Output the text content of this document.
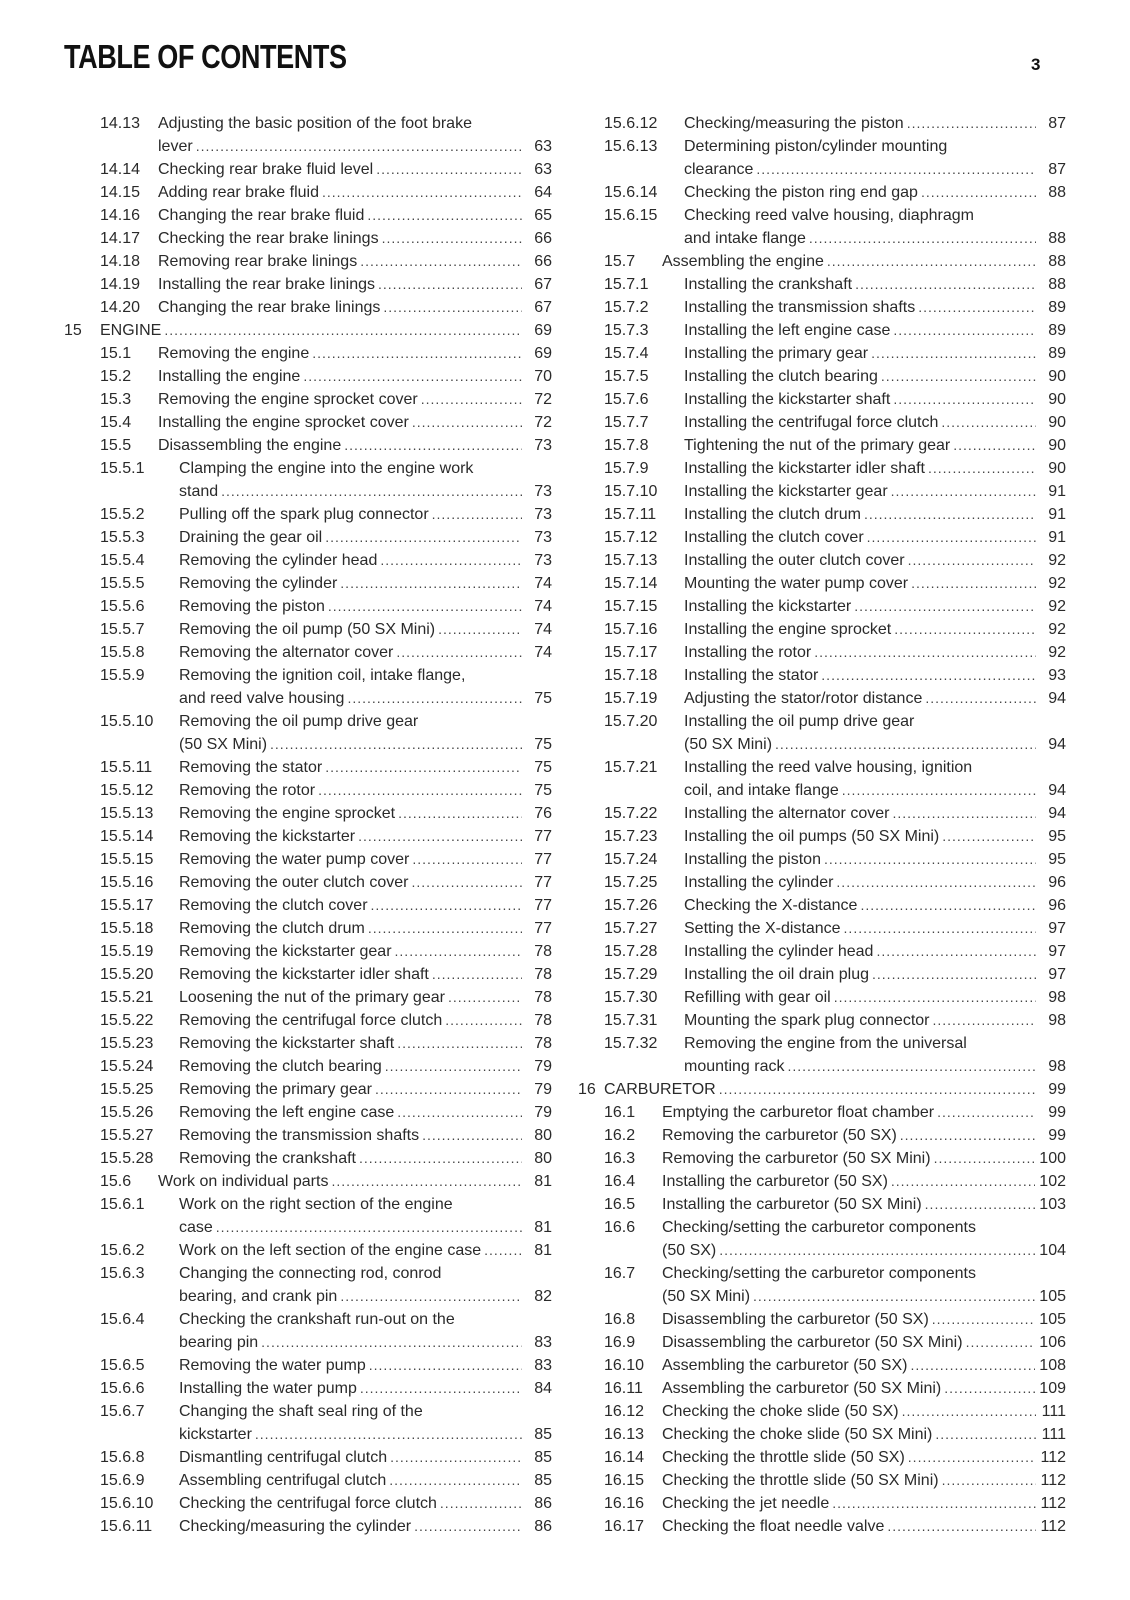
TABLE OF CONTENTS	3
14.13 Adjusting the basic position of the foot brake
lever .....	63
14.14 Checking rear brake fluid level .....	63
14.15 Adding rear brake fluid .....	64
14.16 Changing the rear brake fluid .....	65
14.17 Checking the rear brake linings .....	66
14.18 Removing rear brake linings .....	66
14.19 Installing the rear brake linings .....	67
14.20 Changing the rear brake linings .....	67
15 ENGINE .....	69
15.1 Removing the engine .....	69
15.2 Installing the engine .....	70
15.3 Removing the engine sprocket cover .....	72
15.4 Installing the engine sprocket cover .....	72
15.5 Disassembling the engine .....	73
15.5.1 Clamping the engine into the engine work
stand .....	73
15.5.2 Pulling off the spark plug connector .....	73
15.5.3 Draining the gear oil .....	73
15.5.4 Removing the cylinder head .....	73
15.5.5 Removing the cylinder .....	74
15.5.6 Removing the piston .....	74
15.5.7 Removing the oil pump (50 SX Mini) .....	74
15.5.8 Removing the alternator cover .....	74
15.5.9 Removing the ignition coil, intake flange,
and reed valve housing .....	75
15.5.10 Removing the oil pump drive gear
(50 SX Mini) .....	75
15.5.11 Removing the stator .....	75
15.5.12 Removing the rotor .....	75
15.5.13 Removing the engine sprocket .....	76
15.5.14 Removing the kickstarter .....	77
15.5.15 Removing the water pump cover .....	77
15.5.16 Removing the outer clutch cover .....	77
15.5.17 Removing the clutch cover .....	77
15.5.18 Removing the clutch drum .....	77
15.5.19 Removing the kickstarter gear .....	78
15.5.20 Removing the kickstarter idler shaft .....	78
15.5.21 Loosening the nut of the primary gear .....	78
15.5.22 Removing the centrifugal force clutch .....	78
15.5.23 Removing the kickstarter shaft .....	78
15.5.24 Removing the clutch bearing .....	79
15.5.25 Removing the primary gear .....	79
15.5.26 Removing the left engine case .....	79
15.5.27 Removing the transmission shafts .....	80
15.5.28 Removing the crankshaft .....	80
15.6 Work on individual parts .....	81
15.6.1 Work on the right section of the engine
case .....	81
15.6.2 Work on the left section of the engine case .....	81
15.6.3 Changing the connecting rod, conrod
bearing, and crank pin .....	82
15.6.4 Checking the crankshaft run-out on the
bearing pin .....	83
15.6.5 Removing the water pump .....	83
15.6.6 Installing the water pump .....	84
15.6.7 Changing the shaft seal ring of the
kickstarter .....	85
15.6.8 Dismantling centrifugal clutch .....	85
15.6.9 Assembling centrifugal clutch .....	85
15.6.10 Checking the centrifugal force clutch .....	86
15.6.11 Checking/measuring the cylinder .....	86
15.6.12 Checking/measuring the piston .....	87
15.6.13 Determining piston/cylinder mounting
clearance .....	87
15.6.14 Checking the piston ring end gap .....	88
15.6.15 Checking reed valve housing, diaphragm
and intake flange .....	88
15.7 Assembling the engine .....	88
15.7.1 Installing the crankshaft .....	88
15.7.2 Installing the transmission shafts .....	89
15.7.3 Installing the left engine case .....	89
15.7.4 Installing the primary gear .....	89
15.7.5 Installing the clutch bearing .....	90
15.7.6 Installing the kickstarter shaft .....	90
15.7.7 Installing the centrifugal force clutch .....	90
15.7.8 Tightening the nut of the primary gear .....	90
15.7.9 Installing the kickstarter idler shaft .....	90
15.7.10 Installing the kickstarter gear .....	91
15.7.11 Installing the clutch drum .....	91
15.7.12 Installing the clutch cover .....	91
15.7.13 Installing the outer clutch cover .....	92
15.7.14 Mounting the water pump cover .....	92
15.7.15 Installing the kickstarter .....	92
15.7.16 Installing the engine sprocket .....	92
15.7.17 Installing the rotor .....	92
15.7.18 Installing the stator .....	93
15.7.19 Adjusting the stator/rotor distance .....	94
15.7.20 Installing the oil pump drive gear
(50 SX Mini) .....	94
15.7.21 Installing the reed valve housing, ignition
coil, and intake flange .....	94
15.7.22 Installing the alternator cover .....	94
15.7.23 Installing the oil pumps (50 SX Mini) .....	95
15.7.24 Installing the piston .....	95
15.7.25 Installing the cylinder .....	96
15.7.26 Checking the X-distance .....	96
15.7.27 Setting the X-distance .....	97
15.7.28 Installing the cylinder head .....	97
15.7.29 Installing the oil drain plug .....	97
15.7.30 Refilling with gear oil .....	98
15.7.31 Mounting the spark plug connector .....	98
15.7.32 Removing the engine from the universal
mounting rack .....	98
16 CARBURETOR .....	99
16.1 Emptying the carburetor float chamber .....	99
16.2 Removing the carburetor (50 SX) .....	99
16.3 Removing the carburetor (50 SX Mini) .....	100
16.4 Installing the carburetor (50 SX) .....	102
16.5 Installing the carburetor (50 SX Mini) .....	103
16.6 Checking/setting the carburetor components
(50 SX) .....	104
16.7 Checking/setting the carburetor components
(50 SX Mini) .....	105
16.8 Disassembling the carburetor (50 SX) .....	105
16.9 Disassembling the carburetor (50 SX Mini) .....	106
16.10 Assembling the carburetor (50 SX) .....	108
16.11 Assembling the carburetor (50 SX Mini) .....	109
16.12 Checking the choke slide (50 SX) .....	111
16.13 Checking the choke slide (50 SX Mini) .....	111
16.14 Checking the throttle slide (50 SX) .....	112
16.15 Checking the throttle slide (50 SX Mini) .....	112
16.16 Checking the jet needle .....	112
16.17 Checking the float needle valve .....	112
